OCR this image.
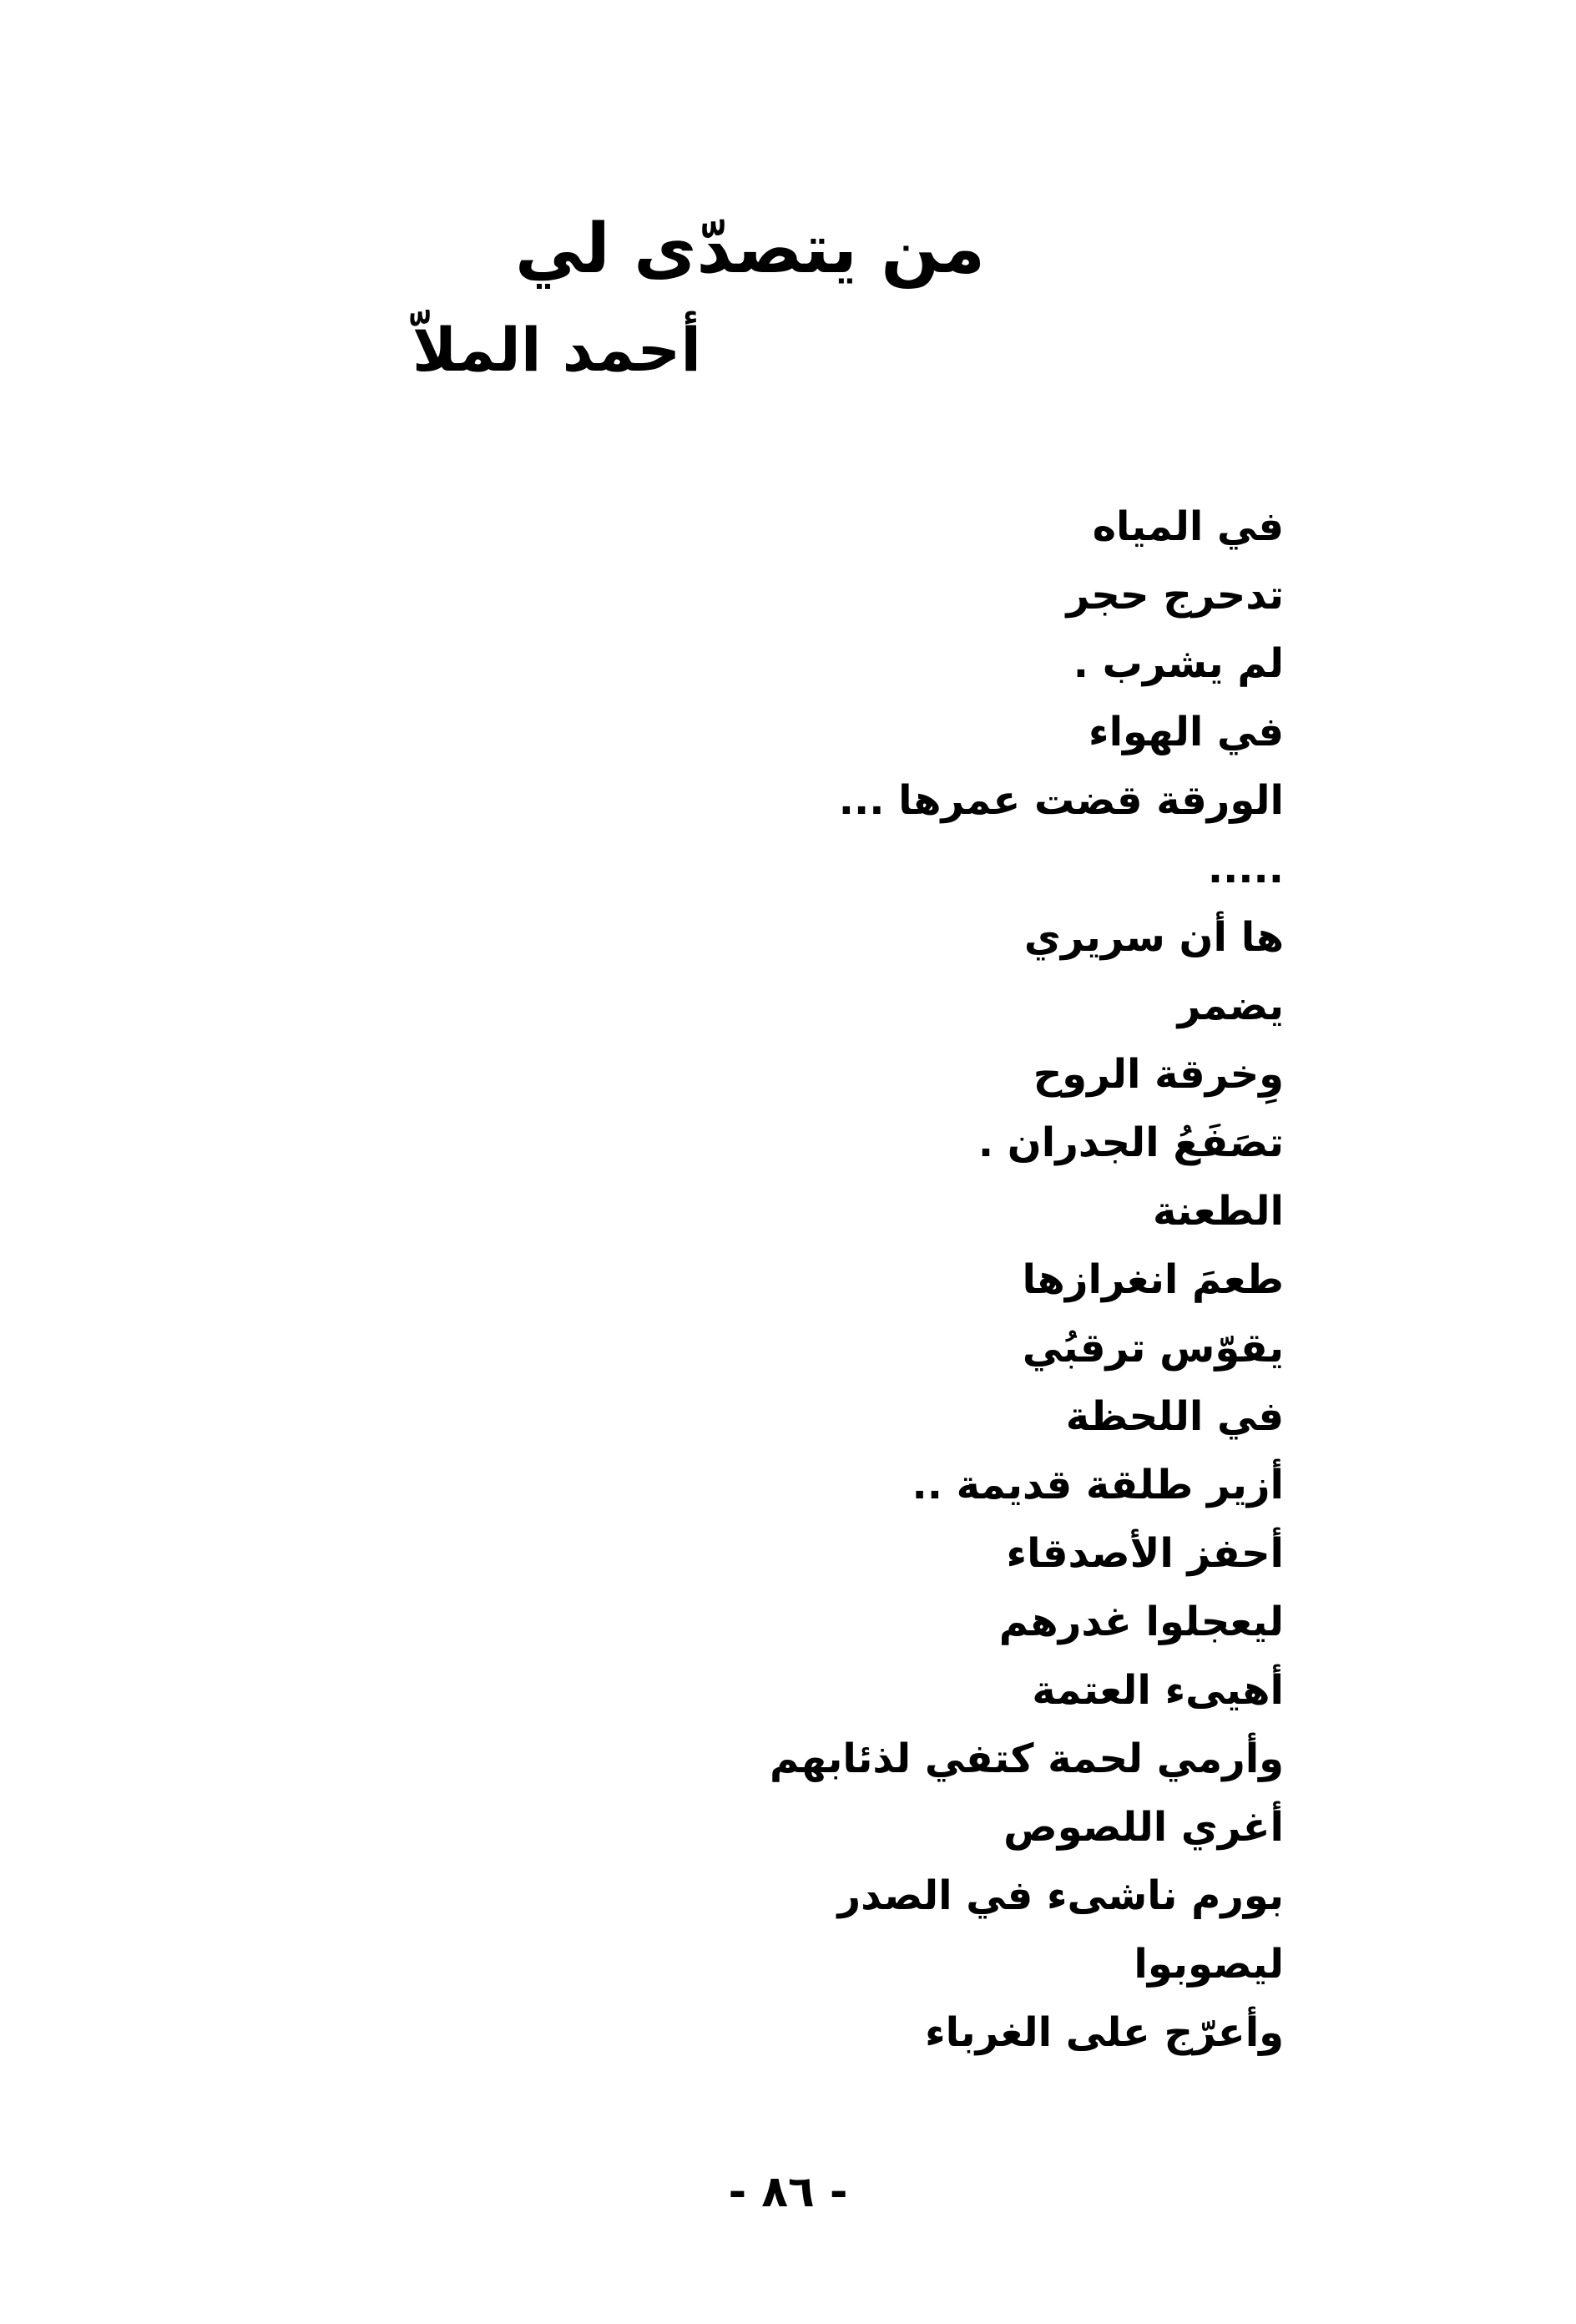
من يتصدّى لي
أحمد الملاّ
في المياه
تدحرج حجر
لم يشرب .
في الهواء
الورقة قضت عمرها ...
.....
ها أن سريري
يضمر
وِخرقة الروح
تصَفَعُ الجدران .
الطعنة
طعمَ انغرازها
يقوّس ترقبُي
في اللحظة
أزير طلقة قديمة ..
أحفز الأصدقاء
ليعجلوا غدرهم
أهيىء العتمة
وأرمي لحمة كتفي لذئابهم
أغري اللصوص
بورم ناشىء في الصدر
ليصوبوا
وأعرّج على الغرباء
- ٨٦ -
